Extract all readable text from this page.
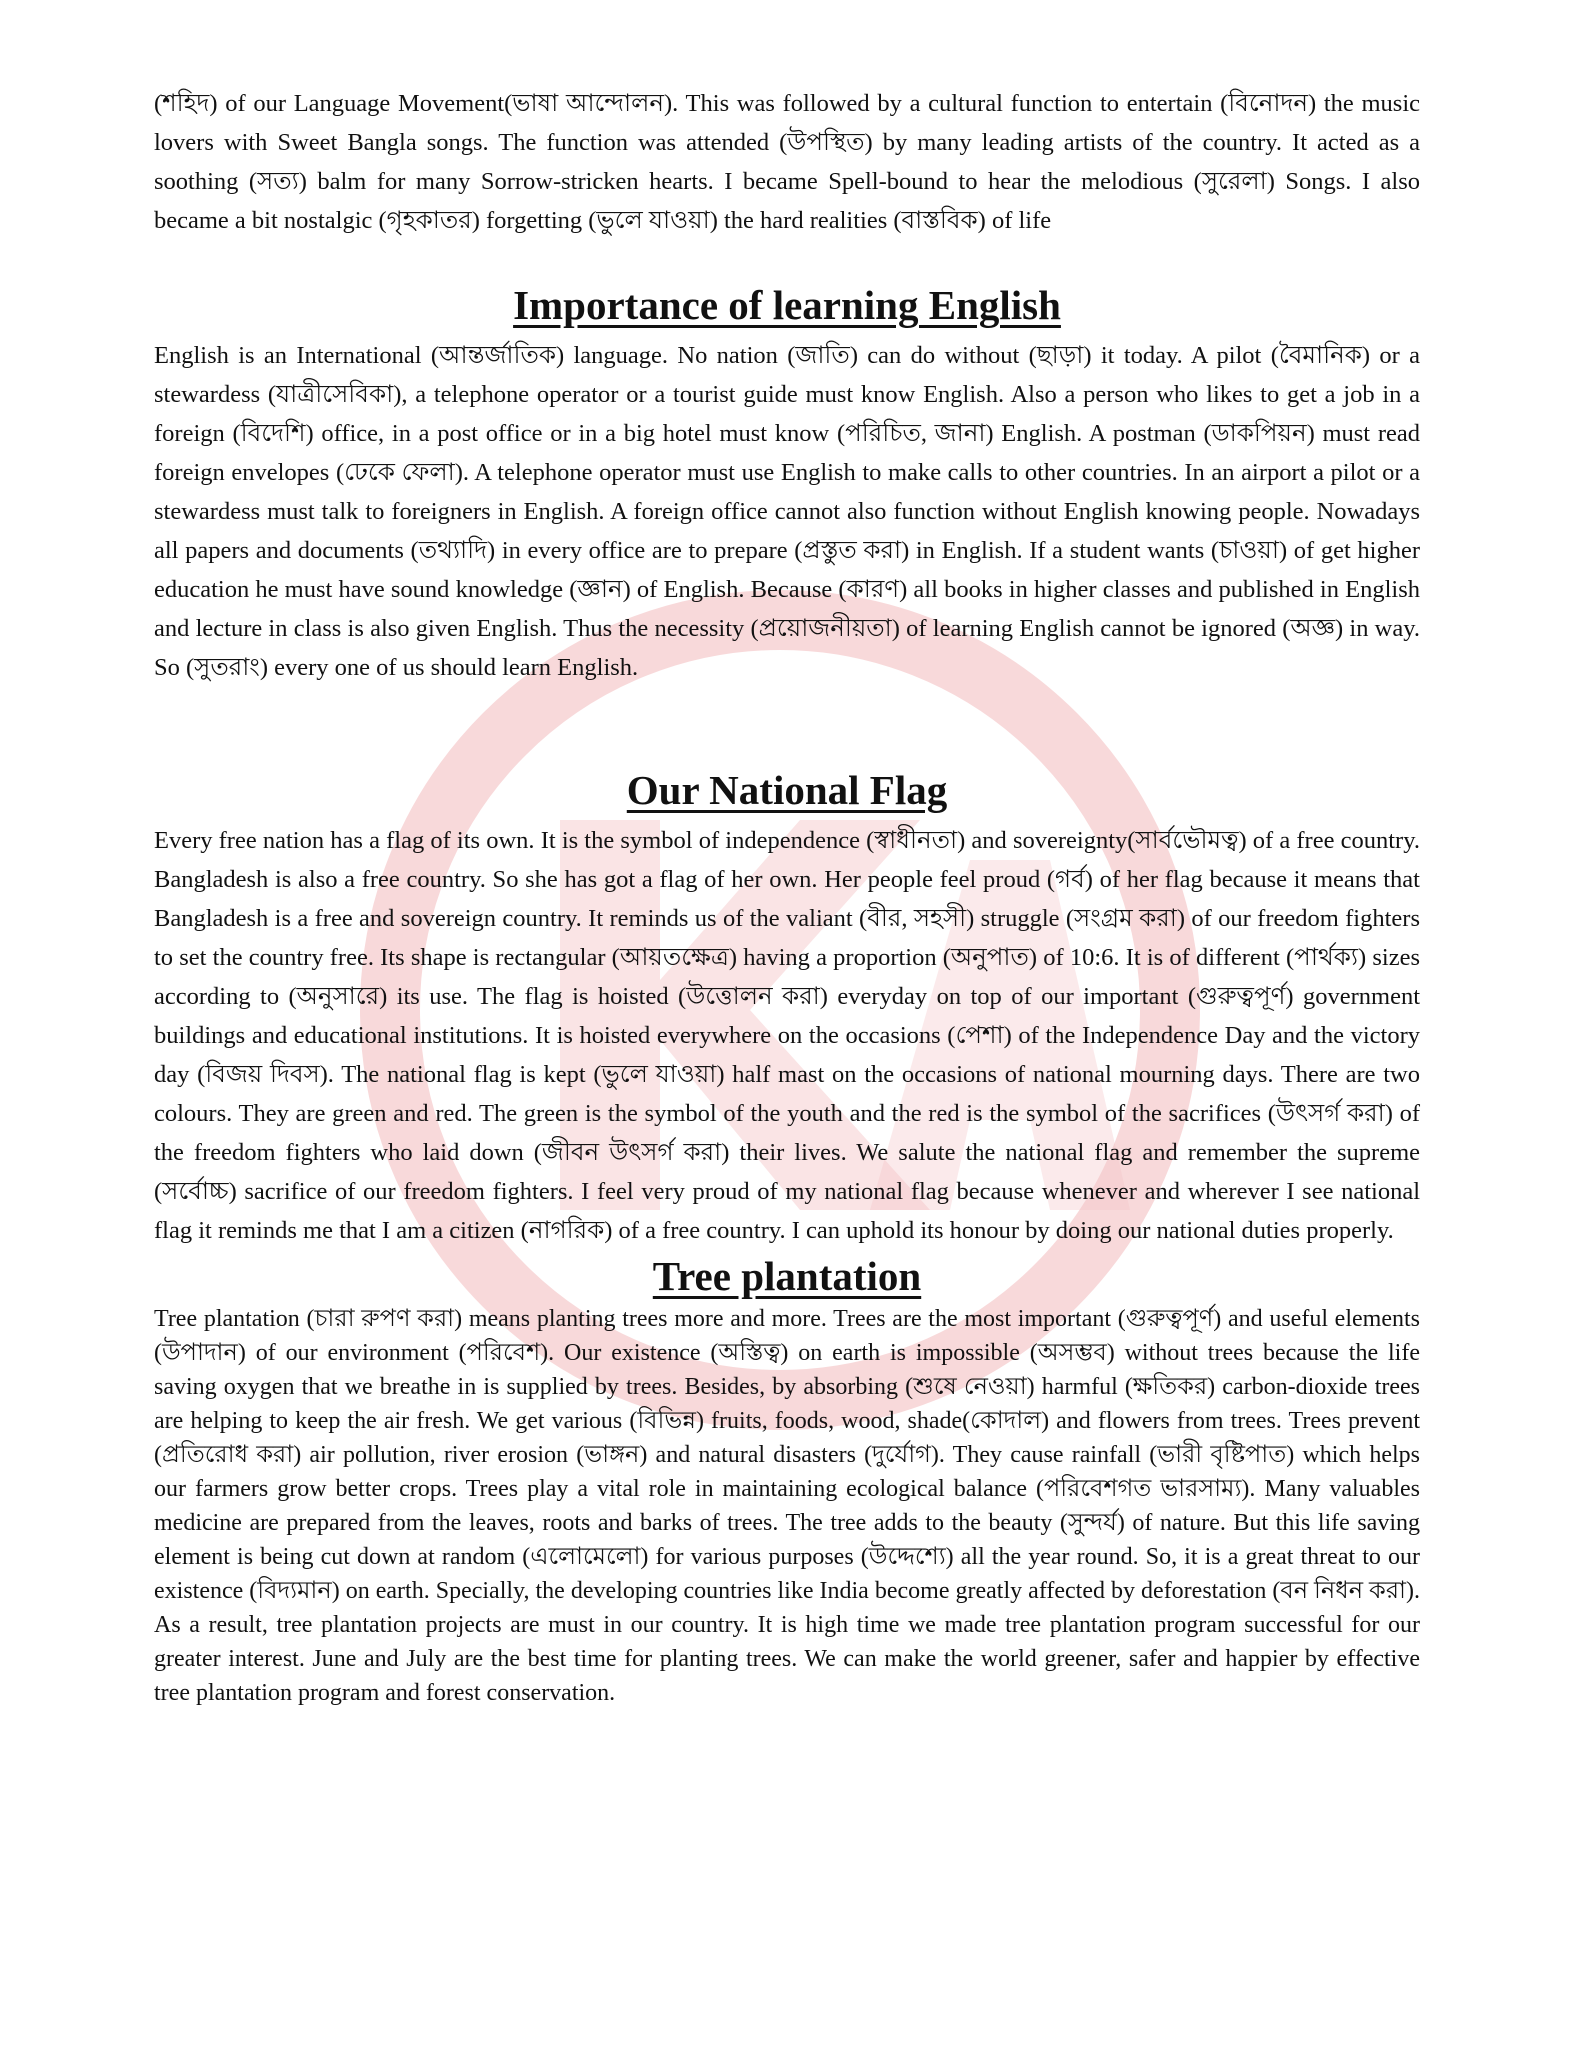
(শহিদ) of our Language Movement(ভাষা আন্দোলন). This was followed by a cultural function to entertain (বিনোদন) the music lovers with Sweet Bangla songs. The function was attended (উপস্থিত) by many leading artists of the country. It acted as a soothing (সত্য) balm for many Sorrow-stricken hearts. I became Spell-bound to hear the melodious (সুরেলা) Songs. I also became a bit nostalgic (গৃহকাতর) forgetting (ভুলে যাওয়া) the hard realities (বাস্তবিক) of life

Importance of learning English

English is an International (আন্তর্জাতিক) language. No nation (জাতি) can do without (ছাড়া) it today. A pilot (বৈমানিক) or a stewardess (যাত্রীসেবিকা), a telephone operator or a tourist guide must know English. Also a person who likes to get a job in a foreign (বিদেশি) office, in a post office or in a big hotel must know (পরিচিত, জানা) English. A postman (ডাকপিয়ন) must read foreign envelopes (ঢেকে ফেলা). A telephone operator must use English to make calls to other countries. In an airport a pilot or a stewardess must talk to foreigners in English. A foreign office cannot also function without English knowing people. Nowadays all papers and documents (তথ্যাদি) in every office are to prepare (প্রস্তুত করা) in English. If a student wants (চাওয়া) of get higher education he must have sound knowledge (জ্ঞান) of English. Because (কারণ) all books in higher classes and published in English and lecture in class is also given English. Thus the necessity (প্রয়োজনীয়তা) of learning English cannot be ignored (অজ্ঞ) in way. So (সুতরাং) every one of us should learn English.

Our National Flag

Every free nation has a flag of its own. It is the symbol of independence (স্বাধীনতা) and sovereignty(সার্বভৌমত্ব) of a free country. Bangladesh is also a free country. So she has got a flag of her own. Her people feel proud (গর্ব) of her flag because it means that Bangladesh is a free and sovereign country. It reminds us of the valiant (বীর, সহসী) struggle (সংগ্রম করা) of our freedom fighters to set the country free. Its shape is rectangular (আয়তক্ষেত্র) having a proportion (অনুপাত) of 10:6. It is of different (পার্থক্য) sizes according to (অনুসারে) its use. The flag is hoisted (উত্তোলন করা) everyday on top of our important (গুরুত্বপূর্ণ) government buildings and educational institutions. It is hoisted everywhere on the occasions (পেশা) of the Independence Day and the victory day (বিজয় দিবস). The national flag is kept (ভুলে যাওয়া) half mast on the occasions of national mourning days. There are two colours. They are green and red. The green is the symbol of the youth and the red is the symbol of the sacrifices (উৎসর্গ করা) of the freedom fighters who laid down (জীবন উৎসর্গ করা) their lives. We salute the national flag and remember the supreme (সর্বোচ্চ) sacrifice of our freedom fighters. I feel very proud of my national flag because whenever and wherever I see national flag it reminds me that I am a citizen (নাগরিক) of a free country. I can uphold its honour by doing our national duties properly.

Tree plantation

Tree plantation (চারা রুপণ করা) means planting trees more and more. Trees are the most important (গুরুত্বপূর্ণ) and useful elements (উপাদান) of our environment (পরিবেশ). Our existence (অস্তিত্ব) on earth is impossible (অসম্ভব) without trees because the life saving oxygen that we breathe in is supplied by trees. Besides, by absorbing (শুষে নেওয়া) harmful (ক্ষতিকর) carbon-dioxide trees are helping to keep the air fresh. We get various (বিভিন্ন) fruits, foods, wood, shade(কোদাল) and flowers from trees. Trees prevent (প্রতিরোধ করা) air pollution, river erosion (ভাঙ্গন) and natural disasters (দুর্যোগ). They cause rainfall (ভারী বৃষ্টিপাত) which helps our farmers grow better crops. Trees play a vital role in maintaining ecological balance (পরিবেশগত ভারসাম্য). Many valuables medicine are prepared from the leaves, roots and barks of trees. The tree adds to the beauty (সুন্দর্য) of nature. But this life saving element is being cut down at random (এলোমেলো) for various purposes (উদ্দেশ্যে) all the year round. So, it is a great threat to our existence (বিদ্যমান) on earth. Specially, the developing countries like India become greatly affected by deforestation (বন নিধন করা). As a result, tree plantation projects are must in our country. It is high time we made tree plantation program successful for our greater interest. June and July are the best time for planting trees. We can make the world greener, safer and happier by effective tree plantation program and forest conservation.
